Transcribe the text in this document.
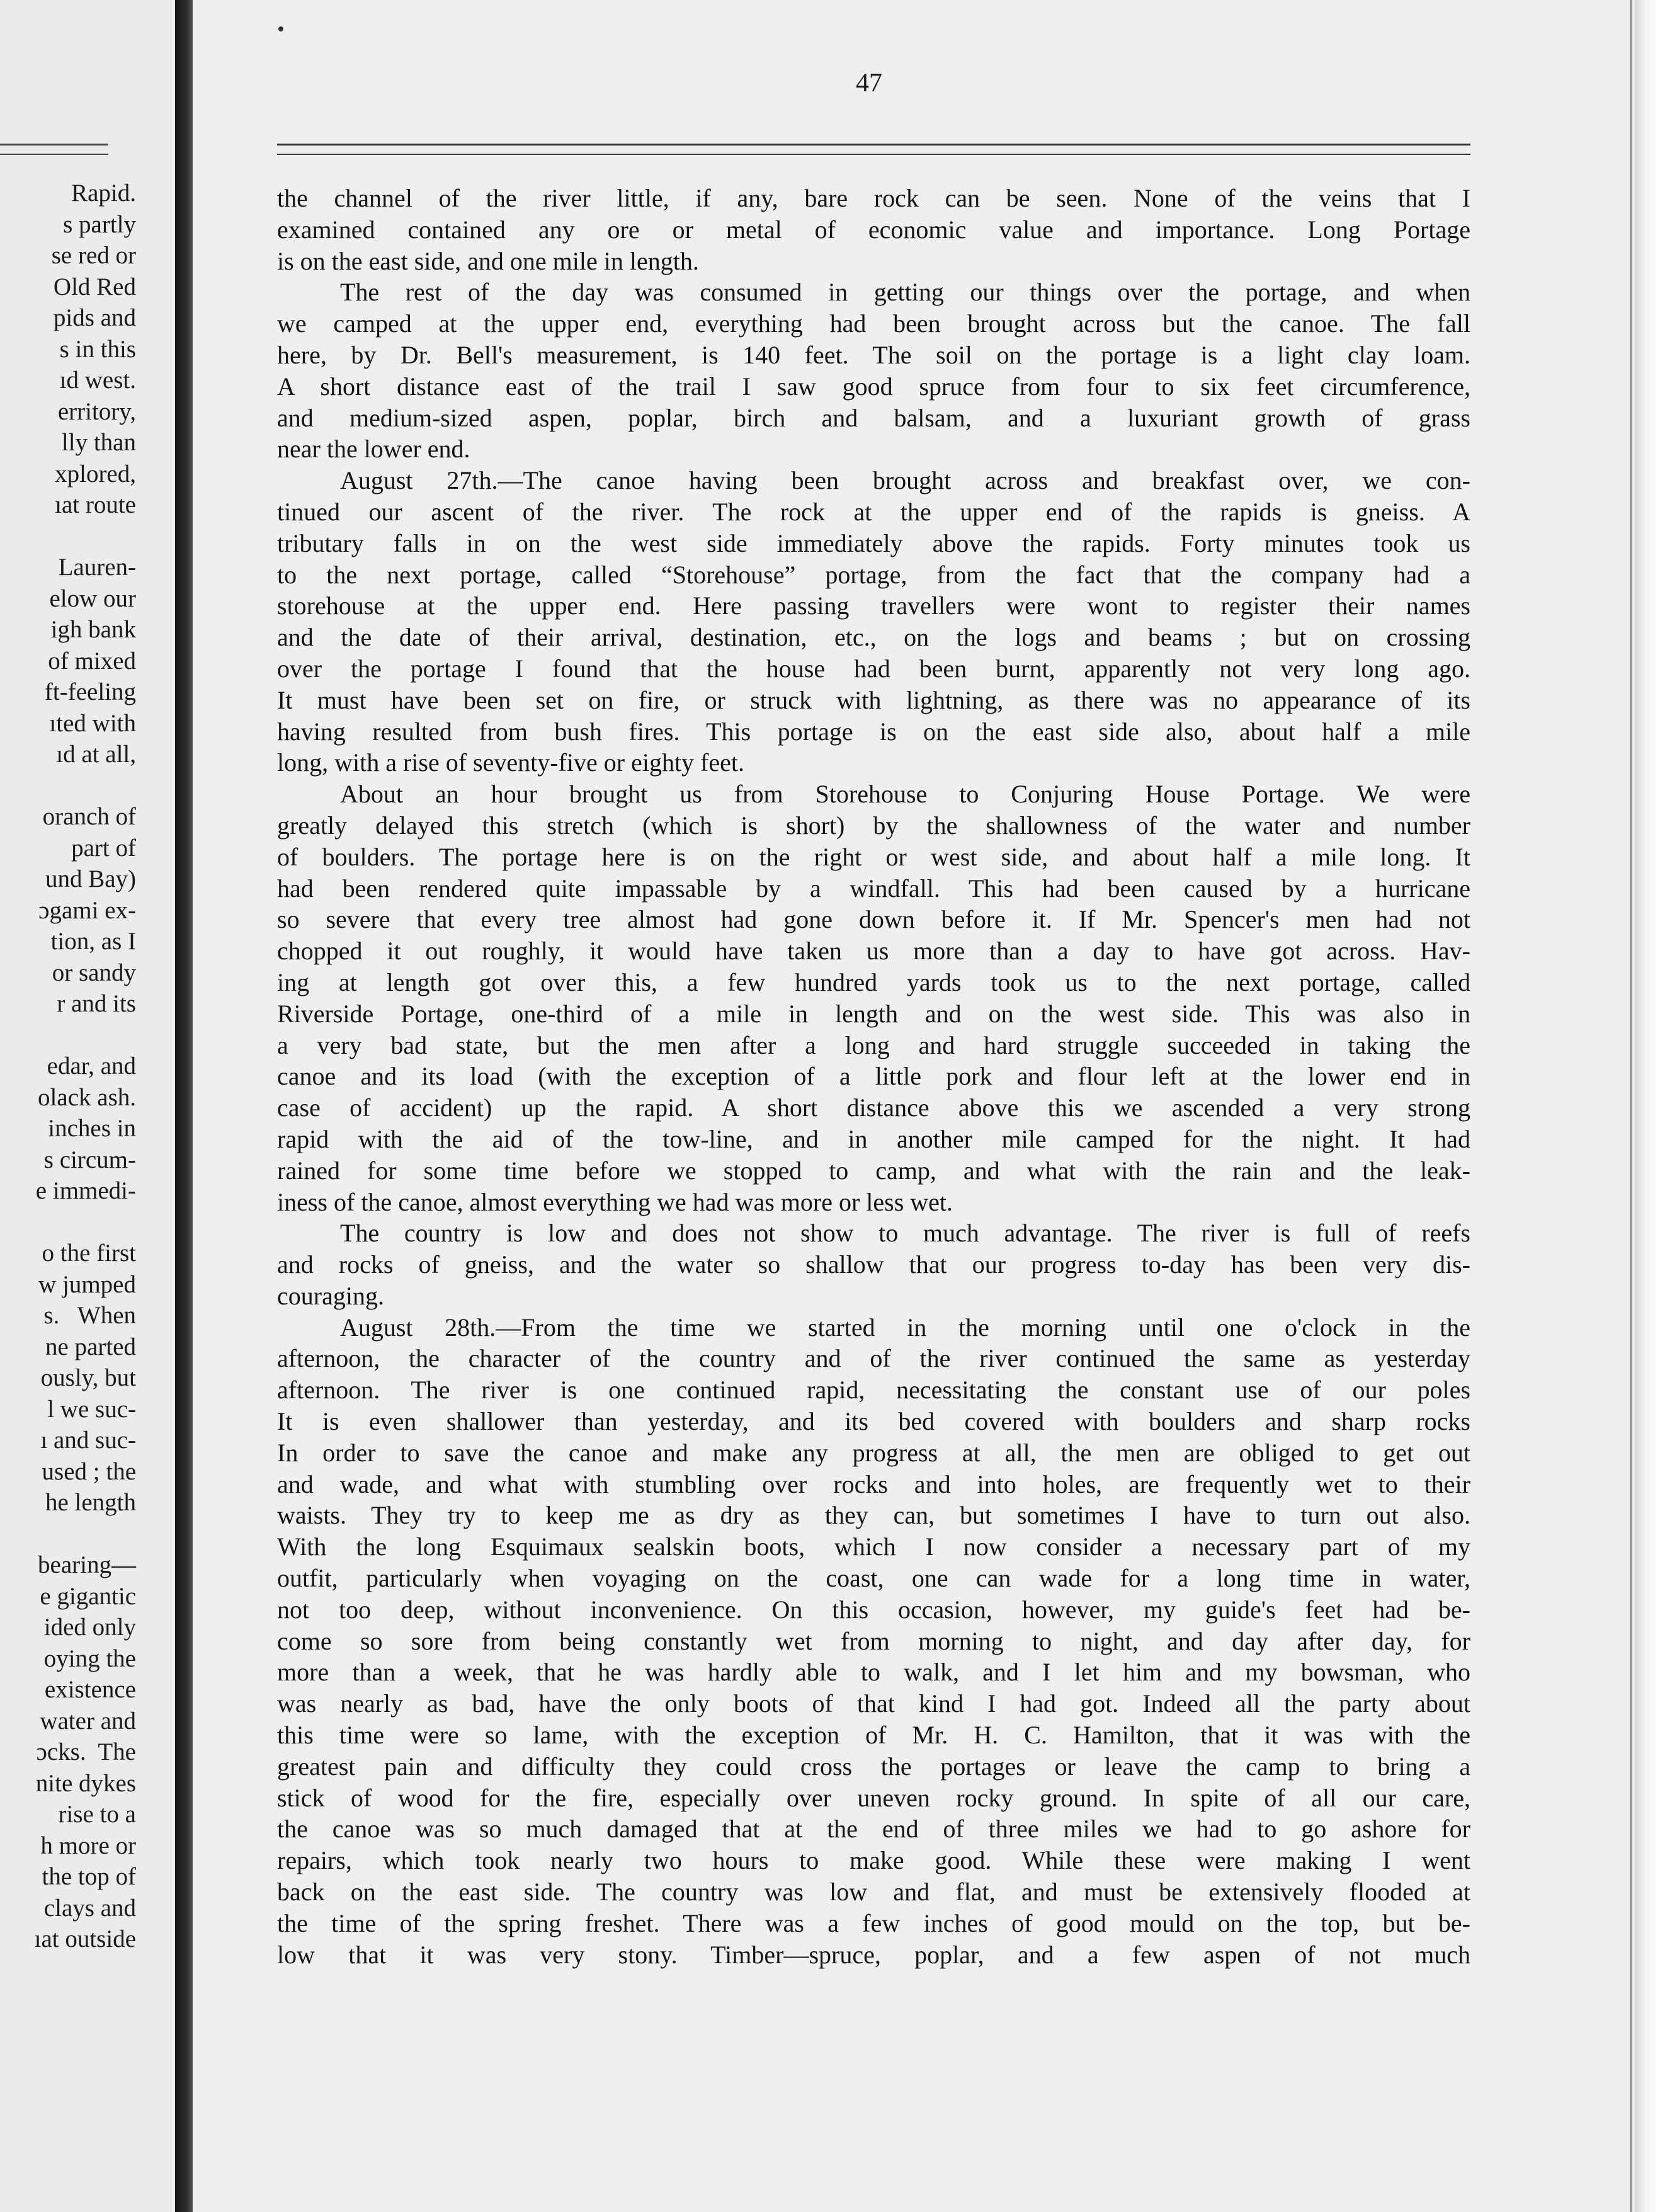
Rapid.
s partly
se red or
Old Red
pids and
s in this
ıd west.
erritory,
lly than
xplored,
ıat route
Lauren-
elow our
igh bank
of mixed
ft-feeling
ıted with
ıd at all,
oranch of
part of
und Bay)
ɔgami ex-
tion, as I
or sandy
r and its
edar, and
olack ash.
inches in
s circum-
e immedi-
o the first
w jumped
s.   When
ne parted
ously, but
l we suc-
ı and suc-
used ; the
he length
bearing—
e gigantic
ided only
oying the
existence
water and
ɔcks.  The
nite dykes
rise to a
h more or
the top of
clays and
ıat outside
47
the channel of the river little, if any, bare rock can be seen. None of the veins that I
examined contained any ore or metal of economic value and importance. Long Portage
is on the east side, and one mile in length.
The rest of the day was consumed in getting our things over the portage, and when
we camped at the upper end, everything had been brought across but the canoe. The fall
here, by Dr. Bell's measurement, is 140 feet. The soil on the portage is a light clay loam.
A short distance east of the trail I saw good spruce from four to six feet circumference,
and medium-sized aspen, poplar, birch and balsam, and a luxuriant growth of grass
near the lower end.
August 27th.—The canoe having been brought across and breakfast over, we con-
tinued our ascent of the river. The rock at the upper end of the rapids is gneiss. A
tributary falls in on the west side immediately above the rapids. Forty minutes took us
to the next portage, called “Storehouse” portage, from the fact that the company had a
storehouse at the upper end. Here passing travellers were wont to register their names
and the date of their arrival, destination, etc., on the logs and beams ; but on crossing
over the portage I found that the house had been burnt, apparently not very long ago.
It must have been set on fire, or struck with lightning, as there was no appearance of its
having resulted from bush fires. This portage is on the east side also, about half a mile
long, with a rise of seventy-five or eighty feet.
About an hour brought us from Storehouse to Conjuring House Portage. We were
greatly delayed this stretch (which is short) by the shallowness of the water and number
of boulders. The portage here is on the right or west side, and about half a mile long. It
had been rendered quite impassable by a windfall. This had been caused by a hurricane
so severe that every tree almost had gone down before it. If Mr. Spencer's men had not
chopped it out roughly, it would have taken us more than a day to have got across. Hav-
ing at length got over this, a few hundred yards took us to the next portage, called
Riverside Portage, one-third of a mile in length and on the west side. This was also in
a very bad state, but the men after a long and hard struggle succeeded in taking the
canoe and its load (with the exception of a little pork and flour left at the lower end in
case of accident) up the rapid. A short distance above this we ascended a very strong
rapid with the aid of the tow-line, and in another mile camped for the night. It had
rained for some time before we stopped to camp, and what with the rain and the leak-
iness of the canoe, almost everything we had was more or less wet.
The country is low and does not show to much advantage. The river is full of reefs
and rocks of gneiss, and the water so shallow that our progress to-day has been very dis-
couraging.
August 28th.—From the time we started in the morning until one o'clock in the
afternoon, the character of the country and of the river continued the same as yesterday
afternoon. The river is one continued rapid, necessitating the constant use of our poles
It is even shallower than yesterday, and its bed covered with boulders and sharp rocks
In order to save the canoe and make any progress at all, the men are obliged to get out
and wade, and what with stumbling over rocks and into holes, are frequently wet to their
waists. They try to keep me as dry as they can, but sometimes I have to turn out also.
With the long Esquimaux sealskin boots, which I now consider a necessary part of my
outfit, particularly when voyaging on the coast, one can wade for a long time in water,
not too deep, without inconvenience. On this occasion, however, my guide's feet had be-
come so sore from being constantly wet from morning to night, and day after day, for
more than a week, that he was hardly able to walk, and I let him and my bowsman, who
was nearly as bad, have the only boots of that kind I had got. Indeed all the party about
this time were so lame, with the exception of Mr. H. C. Hamilton, that it was with the
greatest pain and difficulty they could cross the portages or leave the camp to bring a
stick of wood for the fire, especially over uneven rocky ground. In spite of all our care,
the canoe was so much damaged that at the end of three miles we had to go ashore for
repairs, which took nearly two hours to make good. While these were making I went
back on the east side. The country was low and flat, and must be extensively flooded at
the time of the spring freshet. There was a few inches of good mould on the top, but be-
low that it was very stony. Timber—spruce, poplar, and a few aspen of not much
